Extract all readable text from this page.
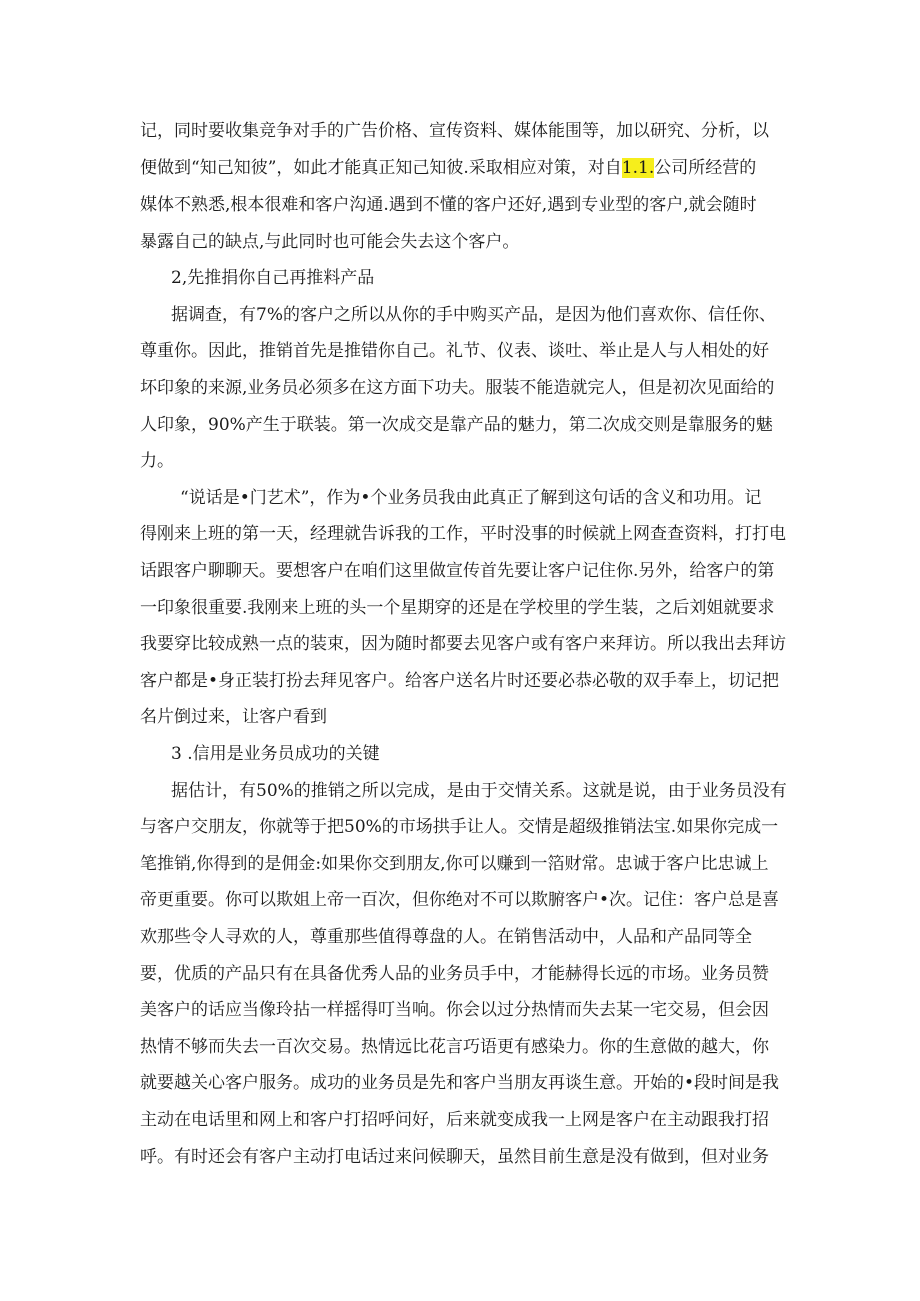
记，同时要收集竞争对手的广告价格、宣传资料、媒体能围等，加以研究、分析，以
便做到“知己知彼”，如此才能真正知己知彼.采取相应对策，对自1.1.公司所经营的
媒体不熟悉,根本很难和客户沟通.遇到不懂的客户还好,遇到专业型的客户,就会随时
暴露自己的缺点,与此同时也可能会失去这个客户。
2,先推捐你自己再推料产品
据调查，有7%的客户之所以从你的手中购买产品，是因为他们喜欢你、信任你、
尊重你。因此，推销首先是推错你自己。礼节、仪表、谈吐、举止是人与人相处的好
坏印象的来源,业务员必须多在这方面下功夫。服装不能造就完人，但是初次见面给的
人印象，90%产生于联装。第一次成交是靠产品的魅力，第二次成交则是靠服务的魅
力。
“说话是•门艺术”，作为•个业务员我由此真正了解到这句话的含义和功用。记
得刚来上班的第一天，经理就告诉我的工作，平时没事的时候就上网查查资料，打打电
话跟客户聊聊天。要想客户在咱们这里做宣传首先要让客户记住你.另外，给客户的第
一印象很重要.我刚来上班的头一个星期穿的还是在学校里的学生装，之后刘姐就要求
我要穿比较成熟一点的装束，因为随时都要去见客户或有客户来拜访。所以我出去拜访
客户都是•身正装打扮去拜见客户。给客户送名片时还要必恭必敬的双手奉上，切记把
名片倒过来，让客户看到
3 .信用是业务员成功的关键
据估计，有50%的推销之所以完成，是由于交情关系。这就是说，由于业务员没有
与客户交朋友，你就等于把50%的市场拱手让人。交情是超级推销法宝.如果你完成一
笔推销,你得到的是佣金:如果你交到朋友,你可以赚到一箔财常。忠诚于客户比忠诚上
帝更重要。你可以欺姐上帝一百次，但你绝对不可以欺腑客户•次。记住：客户总是喜
欢那些令人寻欢的人，尊重那些值得尊盘的人。在销售活动中，人品和产品同等全
要，优质的产品只有在具备优秀人品的业务员手中，才能赫得长远的市场。业务员赞
美客户的话应当像玲拈一样摇得叮当响。你会以过分热情而失去某一宅交易，但会因
热情不够而失去一百次交易。热情远比花言巧语更有感染力。你的生意做的越大，你
就要越关心客户服务。成功的业务员是先和客户当朋友再谈生意。开始的•段时间是我
主动在电话里和网上和客户打招呼问好，后来就变成我一上网是客户在主动跟我打招
呼。有时还会有客户主动打电话过来问候聊天，虽然目前生意是没有做到，但对业务
